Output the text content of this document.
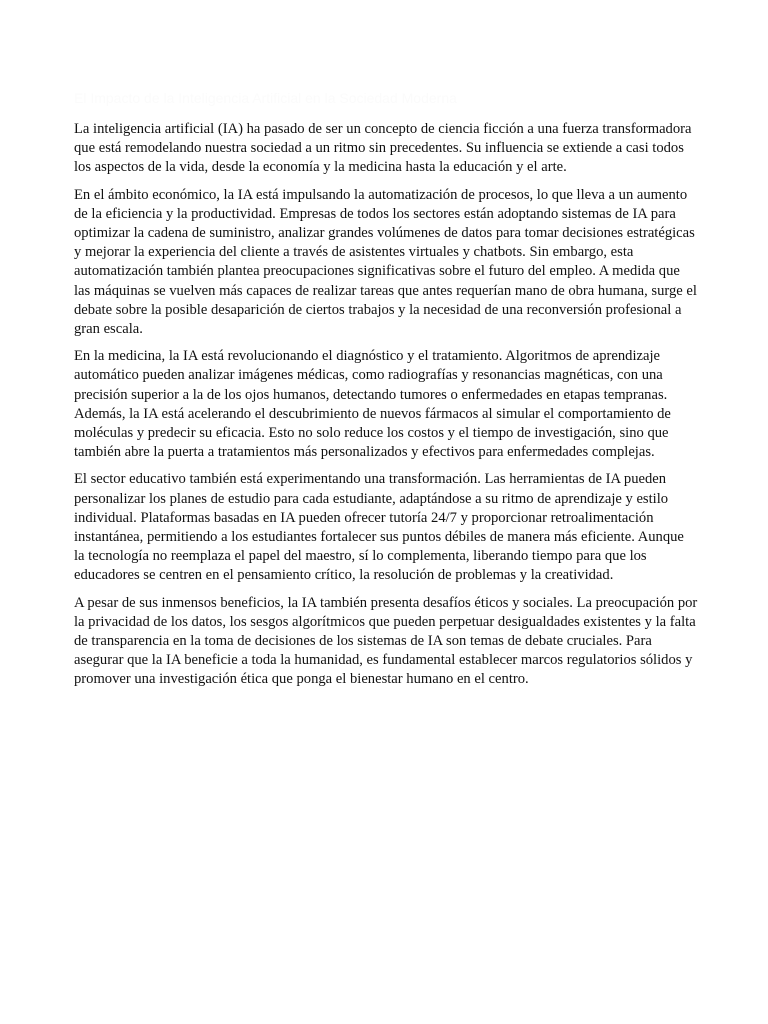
El Impacto de la Inteligencia Artificial en la Sociedad Moderna

La inteligencia artificial (IA) ha pasado de ser un concepto de ciencia ficción a una fuerza transformadora que está remodelando nuestra sociedad a un ritmo sin precedentes. Su influencia se extiende a casi todos los aspectos de la vida, desde la economía y la medicina hasta la educación y el arte.

En el ámbito económico, la IA está impulsando la automatización de procesos, lo que lleva a un aumento de la eficiencia y la productividad. Empresas de todos los sectores están adoptando sistemas de IA para optimizar la cadena de suministro, analizar grandes volúmenes de datos para tomar decisiones estratégicas y mejorar la experiencia del cliente a través de asistentes virtuales y chatbots. Sin embargo, esta automatización también plantea preocupaciones significativas sobre el futuro del empleo. A medida que las máquinas se vuelven más capaces de realizar tareas que antes requerían mano de obra humana, surge el debate sobre la posible desaparición de ciertos trabajos y la necesidad de una reconversión profesional a gran escala.

En la medicina, la IA está revolucionando el diagnóstico y el tratamiento. Algoritmos de aprendizaje automático pueden analizar imágenes médicas, como radiografías y resonancias magnéticas, con una precisión superior a la de los ojos humanos, detectando tumores o enfermedades en etapas tempranas. Además, la IA está acelerando el descubrimiento de nuevos fármacos al simular el comportamiento de moléculas y predecir su eficacia. Esto no solo reduce los costos y el tiempo de investigación, sino que también abre la puerta a tratamientos más personalizados y efectivos para enfermedades complejas.

El sector educativo también está experimentando una transformación. Las herramientas de IA pueden personalizar los planes de estudio para cada estudiante, adaptándose a su ritmo de aprendizaje y estilo individual. Plataformas basadas en IA pueden ofrecer tutoría 24/7 y proporcionar retroalimentación instantánea, permitiendo a los estudiantes fortalecer sus puntos débiles de manera más eficiente. Aunque la tecnología no reemplaza el papel del maestro, sí lo complementa, liberando tiempo para que los educadores se centren en el pensamiento crítico, la resolución de problemas y la creatividad.

A pesar de sus inmensos beneficios, la IA también presenta desafíos éticos y sociales. La preocupación por la privacidad de los datos, los sesgos algorítmicos que pueden perpetuar desigualdades existentes y la falta de transparencia en la toma de decisiones de los sistemas de IA son temas de debate cruciales. Para asegurar que la IA beneficie a toda la humanidad, es fundamental establecer marcos regulatorios sólidos y promover una investigación ética que ponga el bienestar humano en el centro.
